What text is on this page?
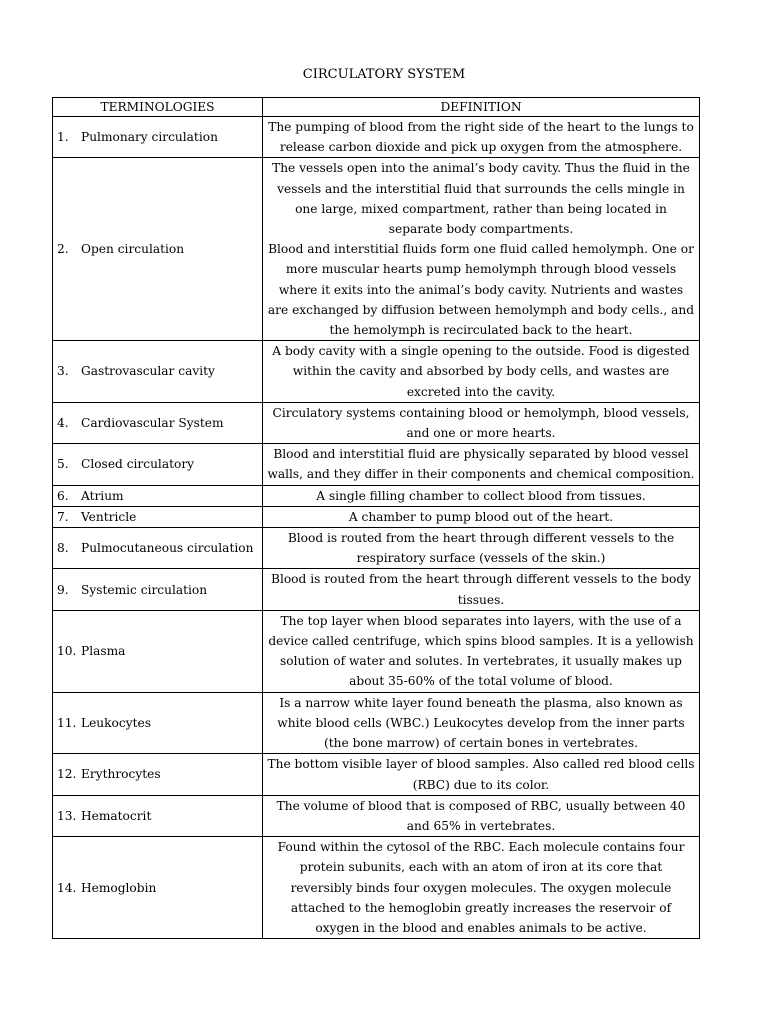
CIRCULATORY SYSTEM
TERMINOLOGIES	DEFINITION
1. Pulmonary circulation	The pumping of blood from the right side of the heart to the lungs to release carbon dioxide and pick up oxygen from the atmosphere.

2. Open circulation	The vessels open into the animal’s body cavity. Thus the fluid in the vessels and the interstitial fluid that surrounds the cells mingle in one large, mixed compartment, rather than being located in separate body compartments.
Blood and interstitial fluids form one fluid called hemolymph. One or more muscular hearts pump hemolymph through blood vessels where it exits into the animal’s body cavity. Nutrients and wastes are exchanged by diffusion between hemolymph and body cells., and the hemolymph is recirculated back to the heart.

3. Gastrovascular cavity	A body cavity with a single opening to the outside. Food is digested within the cavity and absorbed by body cells, and wastes are excreted into the cavity.

4. Cardiovascular System	Circulatory systems containing blood or hemolymph, blood vessels, and one or more hearts.

5. Closed circulatory	Blood and interstitial fluid are physically separated by blood vessel walls, and they differ in their components and chemical composition.

6. Atrium	A single filling chamber to collect blood from tissues.

7. Ventricle	A chamber to pump blood out of the heart.

8. Pulmocutaneous circulation	Blood is routed from the heart through different vessels to the respiratory surface (vessels of the skin.)

9. Systemic circulation	Blood is routed from the heart through different vessels to the body tissues.

10. Plasma	The top layer when blood separates into layers, with the use of a device called centrifuge, which spins blood samples. It is a yellowish solution of water and solutes. In vertebrates, it usually makes up about 35-60% of the total volume of blood.

11. Leukocytes	Is a narrow white layer found beneath the plasma, also known as white blood cells (WBC.) Leukocytes develop from the inner parts (the bone marrow) of certain bones in vertebrates.

12. Erythrocytes	The bottom visible layer of blood samples. Also called red blood cells (RBC) due to its color.

13. Hematocrit	The volume of blood that is composed of RBC, usually between 40 and 65% in vertebrates.

14. Hemoglobin	Found within the cytosol of the RBC. Each molecule contains four protein subunits, each with an atom of iron at its core that reversibly binds four oxygen molecules. The oxygen molecule attached to the hemoglobin greatly increases the reservoir of oxygen in the blood and enables animals to be active.
